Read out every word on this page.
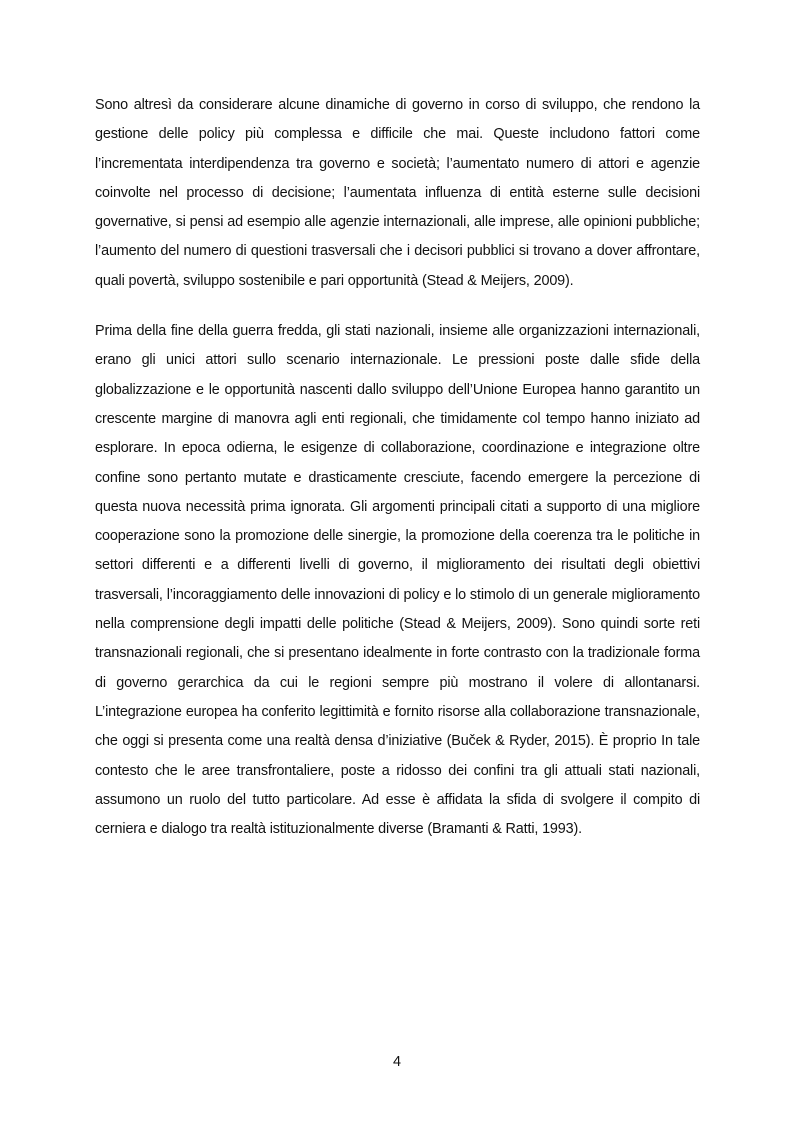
Sono altresì da considerare alcune dinamiche di governo in corso di sviluppo, che rendono la gestione delle policy più complessa e difficile che mai. Queste includono fattori come l’incrementata interdipendenza tra governo e società; l’aumentato numero di attori e agenzie coinvolte nel processo di decisione; l’aumentata influenza di entità esterne sulle decisioni governative, si pensi ad esempio alle agenzie internazionali, alle imprese, alle opinioni pubbliche; l’aumento del numero di questioni trasversali che i decisori pubblici si trovano a dover affrontare, quali povertà, sviluppo sostenibile e pari opportunità (Stead & Meijers, 2009).

Prima della fine della guerra fredda, gli stati nazionali, insieme alle organizzazioni internazionali, erano gli unici attori sullo scenario internazionale. Le pressioni poste dalle sfide della globalizzazione e le opportunità nascenti dallo sviluppo dell’Unione Europea hanno garantito un crescente margine di manovra agli enti regionali, che timidamente col tempo hanno iniziato ad esplorare. In epoca odierna, le esigenze di collaborazione, coordinazione e integrazione oltre confine sono pertanto mutate e drasticamente cresciute, facendo emergere la percezione di questa nuova necessità prima ignorata. Gli argomenti principali citati a supporto di una migliore cooperazione sono la promozione delle sinergie, la promozione della coerenza tra le politiche in settori differenti e a differenti livelli di governo, il miglioramento dei risultati degli obiettivi trasversali, l’incoraggiamento delle innovazioni di policy e lo stimolo di un generale miglioramento nella comprensione degli impatti delle politiche (Stead & Meijers, 2009). Sono quindi sorte reti transnazionali regionali, che si presentano idealmente in forte contrasto con la tradizionale forma di governo gerarchica da cui le regioni sempre più mostrano il volere di allontanarsi. L’integrazione europea ha conferito legittimità e fornito risorse alla collaborazione transnazionale, che oggi si presenta come una realtà densa d’iniziative (Buček & Ryder, 2015). È proprio In tale contesto che le aree transfrontaliere, poste a ridosso dei confini tra gli attuali stati nazionali, assumono un ruolo del tutto particolare. Ad esse è affidata la sfida di svolgere il compito di cerniera e dialogo tra realtà istituzionalmente diverse (Bramanti & Ratti, 1993).

4
